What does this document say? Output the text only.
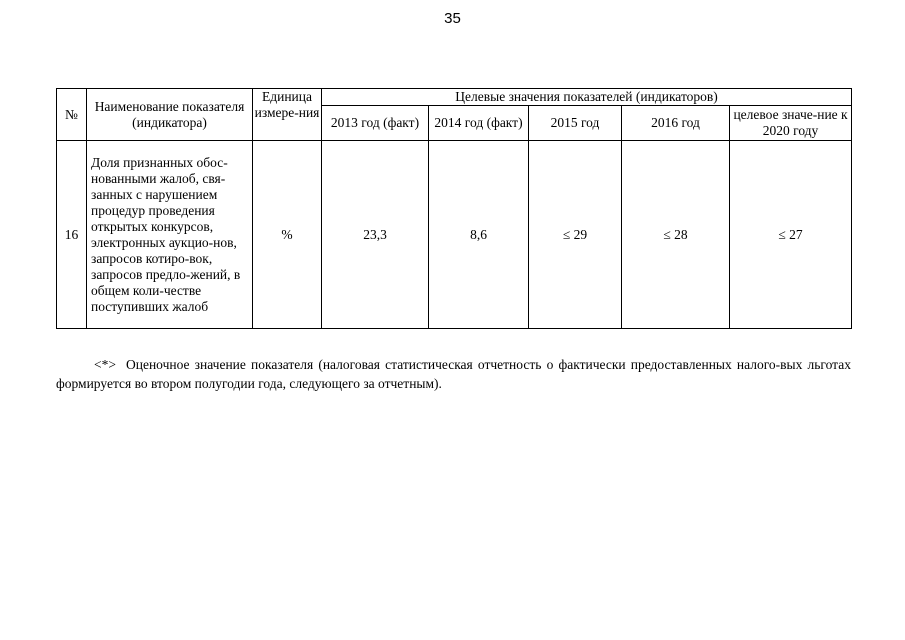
35
№	Наименование показателя (индикатора)	Единица измере-ния	Целевые значения показателей (индикаторов)				
			2013 год (факт)	2014 год (факт)	2015 год	2016 год	целевое значе-ние к 2020 году
16	Доля признанных обос-нованными жалоб, свя-занных с нарушением процедур проведения открытых конкурсов, электронных аукцио-нов, запросов котиро-вок, запросов предло-жений, в общем коли-честве поступивших жалоб	%	23,3	8,6	≤ 29	≤ 28	≤ 27
<*> Оценочное значение показателя (налоговая статистическая отчетность о фактически предоставленных налого-вых льготах формируется во втором полугодии года, следующего за отчетным).
